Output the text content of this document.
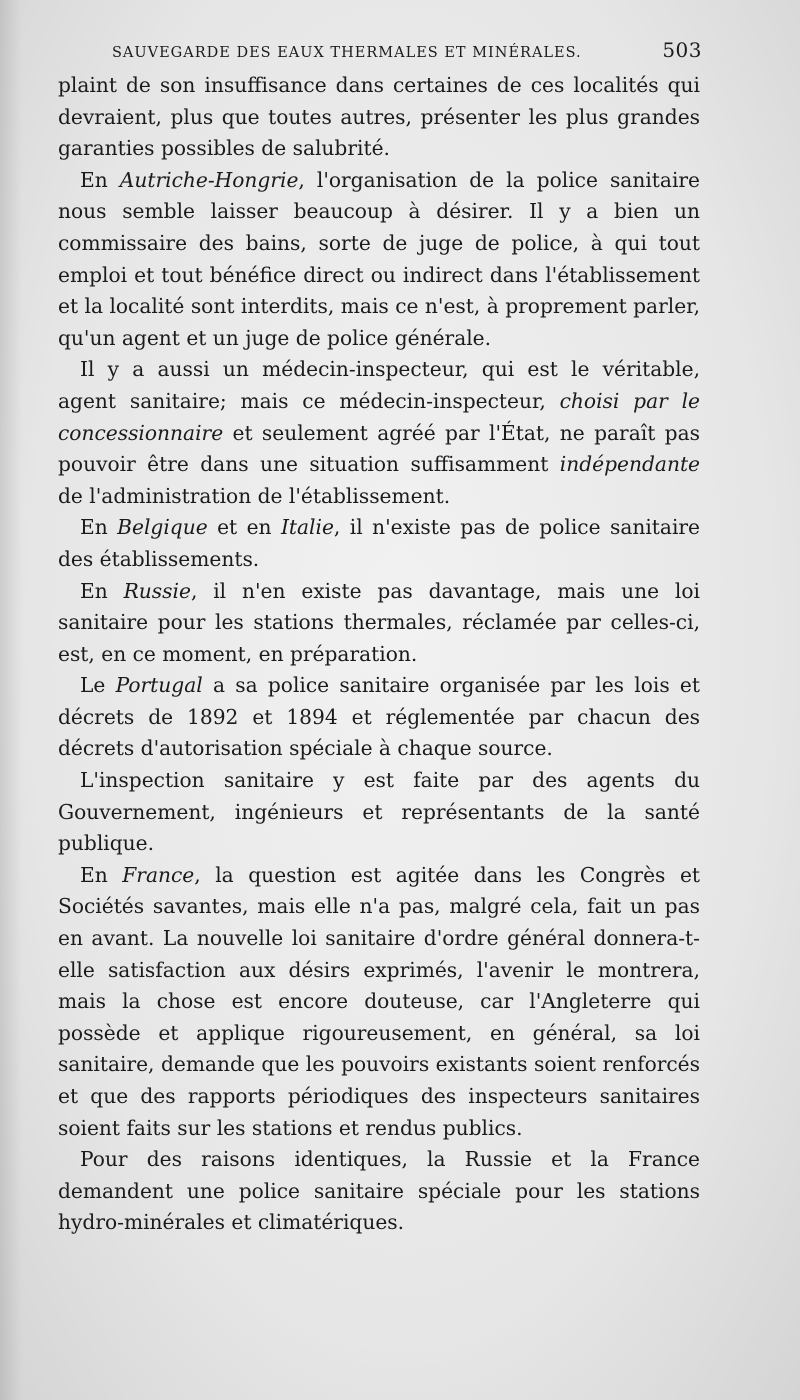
SAUVEGARDE DES EAUX THERMALES ET MINÉRALES.	503

plaint de son insuffisance dans certaines de ces localités qui devraient, plus que toutes autres, présenter les plus grandes garanties possibles de salubrité.

En Autriche-Hongrie, l'organisation de la police sanitaire nous semble laisser beaucoup à désirer. Il y a bien un commissaire des bains, sorte de juge de police, à qui tout emploi et tout bénéfice direct ou indirect dans l'établissement et la localité sont interdits, mais ce n'est, à proprement parler, qu'un agent et un juge de police générale.

Il y a aussi un médecin-inspecteur, qui est le véritable, agent sanitaire; mais ce médecin-inspecteur, choisi par le concessionnaire et seulement agréé par l'État, ne paraît pas pouvoir être dans une situation suffisamment indépendante de l'administration de l'établissement.

En Belgique et en Italie, il n'existe pas de police sanitaire des établissements.

En Russie, il n'en existe pas davantage, mais une loi sanitaire pour les stations thermales, réclamée par celles-ci, est, en ce moment, en préparation.

Le Portugal a sa police sanitaire organisée par les lois et décrets de 1892 et 1894 et réglementée par chacun des décrets d'autorisation spéciale à chaque source.

L'inspection sanitaire y est faite par des agents du Gouvernement, ingénieurs et représentants de la santé publique.

En France, la question est agitée dans les Congrès et Sociétés savantes, mais elle n'a pas, malgré cela, fait un pas en avant. La nouvelle loi sanitaire d'ordre général donnera-t-elle satisfaction aux désirs exprimés, l'avenir le montrera, mais la chose est encore douteuse, car l'Angleterre qui possède et applique rigoureusement, en général, sa loi sanitaire, demande que les pouvoirs existants soient renforcés et que des rapports périodiques des inspecteurs sanitaires soient faits sur les stations et rendus publics.

Pour des raisons identiques, la Russie et la France demandent une police sanitaire spéciale pour les stations hydro-minérales et climatériques.
